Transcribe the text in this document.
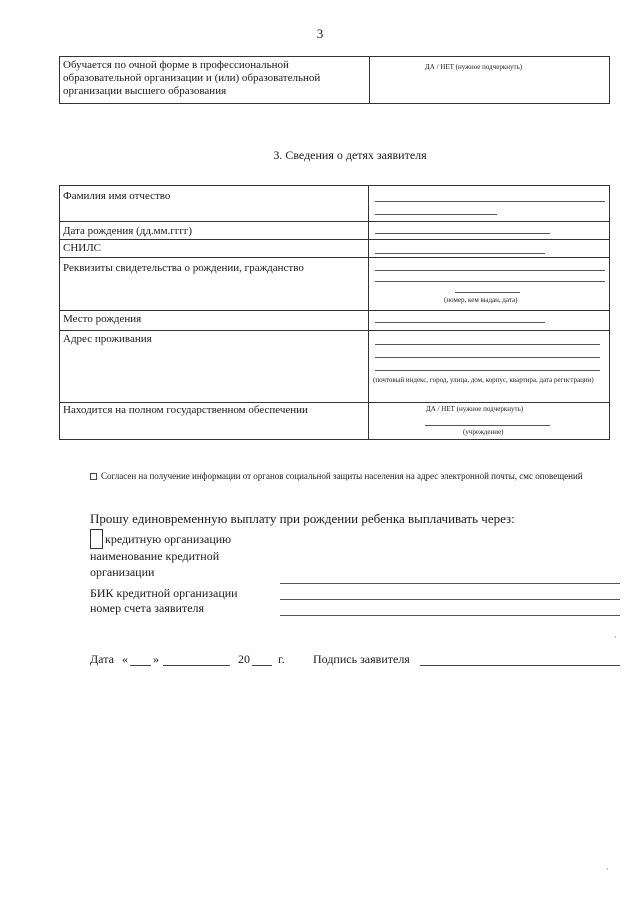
3
Обучается по очной форме в профессиональной образовательной организации и (или) образовательной организации высшего образования
ДА / НЕТ (нужное подчеркнуть)
3. Сведения о детях заявителя
Фамилия имя отчество
Дата рождения (дд.мм.гггг)
СНИЛС
Реквизиты свидетельства о рождении, гражданство
Место рождения
Адрес проживания
Находится на полном государственном обеспечении
(номер, кем выдан, дата)
(почтовый индекс, город, улица, дом, корпус, квартира, дата регистрации)
ДА / НЕТ (нужное подчеркнуть)
(учреждение)
Согласен на получение информации от органов социальной защиты населения на адрес электронной почты, смс оповещений
Прошу единовременную выплату при рождении ребенка выплачивать через:
кредитную организацию
наименование кредитной
организации
БИК кредитной организации
номер счета заявителя
Дата « »	20 г. Подпись заявителя
·
·
